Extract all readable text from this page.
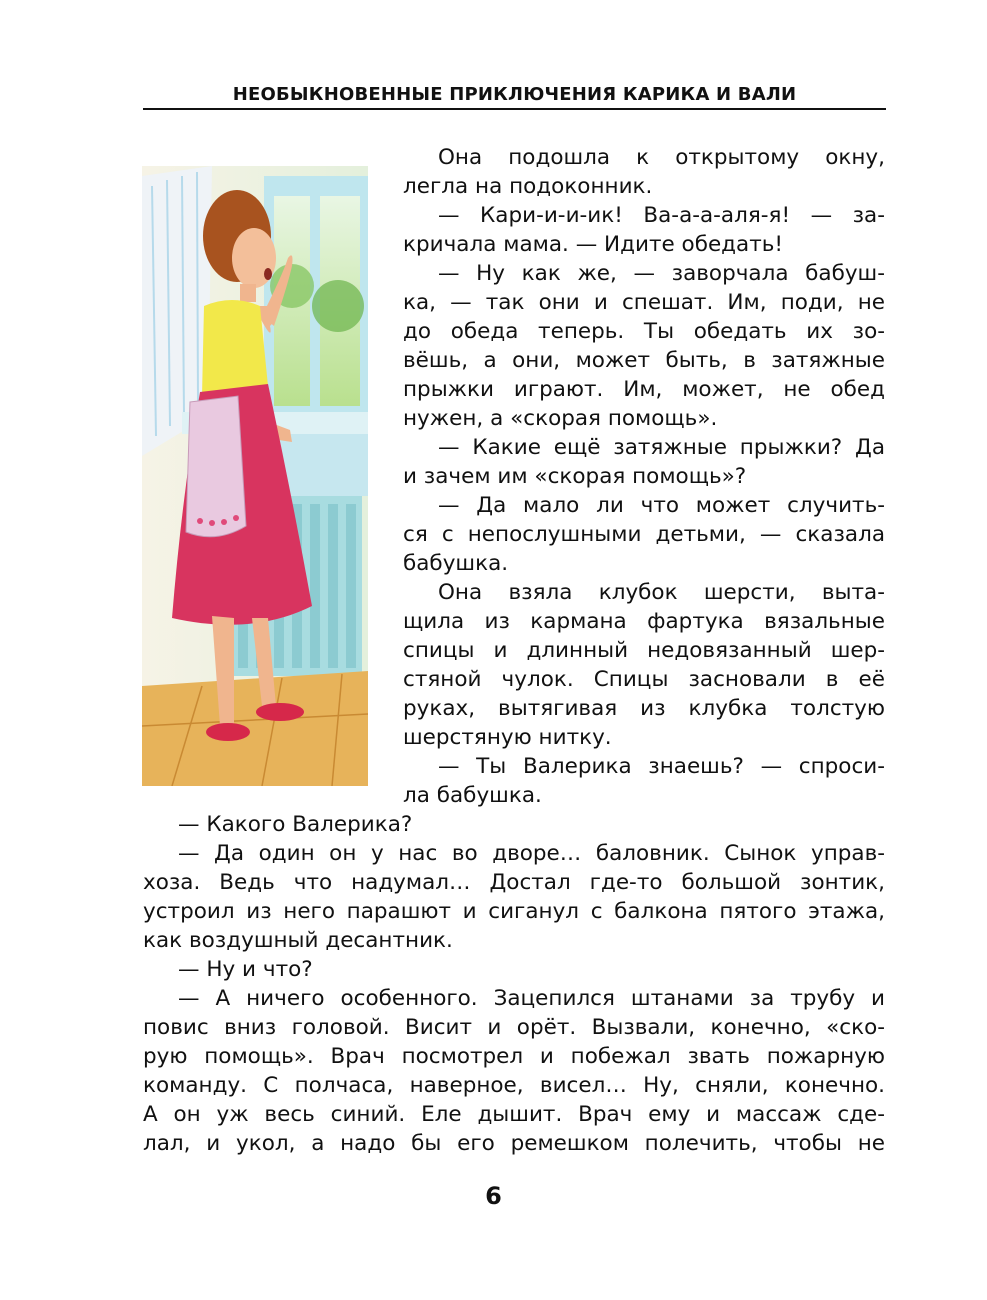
НЕОБЫКНОВЕННЫЕ ПРИКЛЮЧЕНИЯ КАРИКА И ВАЛИ
Она подошла к открытому окну,
легла на подоконник.
— Кари-и-и-ик! Ва-а-а-аля-я! — за-
кричала мама. — Идите обедать!
— Ну как же, — заворчала бабуш-
ка, — так они и спешат. Им, поди, не
до обеда теперь. Ты обедать их зо-
вёшь, а они, может быть, в затяжные
прыжки играют. Им, может, не обед
нужен, а «скорая помощь».
— Какие ещё затяжные прыжки? Да
и зачем им «скорая помощь»?
— Да мало ли что может случить-
ся с непослушными детьми, — сказала
бабушка.
Она взяла клубок шерсти, выта-
щила из кармана фартука вязальные
спицы и длинный недовязанный шер-
стяной чулок. Спицы засновали в её
руках, вытягивая из клубка толстую
шерстяную нитку.
— Ты Валерика знаешь? — спроси-
ла бабушка.
— Какого Валерика?
— Да один он у нас во дворе… баловник. Сынок управ-
хоза. Ведь что надумал… Достал где-то большой зонтик,
устроил из него парашют и сиганул с балкона пятого этажа,
как воздушный десантник.
— Ну и что?
— А ничего особенного. Зацепился штанами за трубу и
повис вниз головой. Висит и орёт. Вызвали, конечно, «ско-
рую помощь». Врач посмотрел и побежал звать пожарную
команду. С полчаса, наверное, висел… Ну, сняли, конечно.
А он уж весь синий. Еле дышит. Врач ему и массаж сде-
лал, и укол, а надо бы его ремешком полечить, чтобы не
6
